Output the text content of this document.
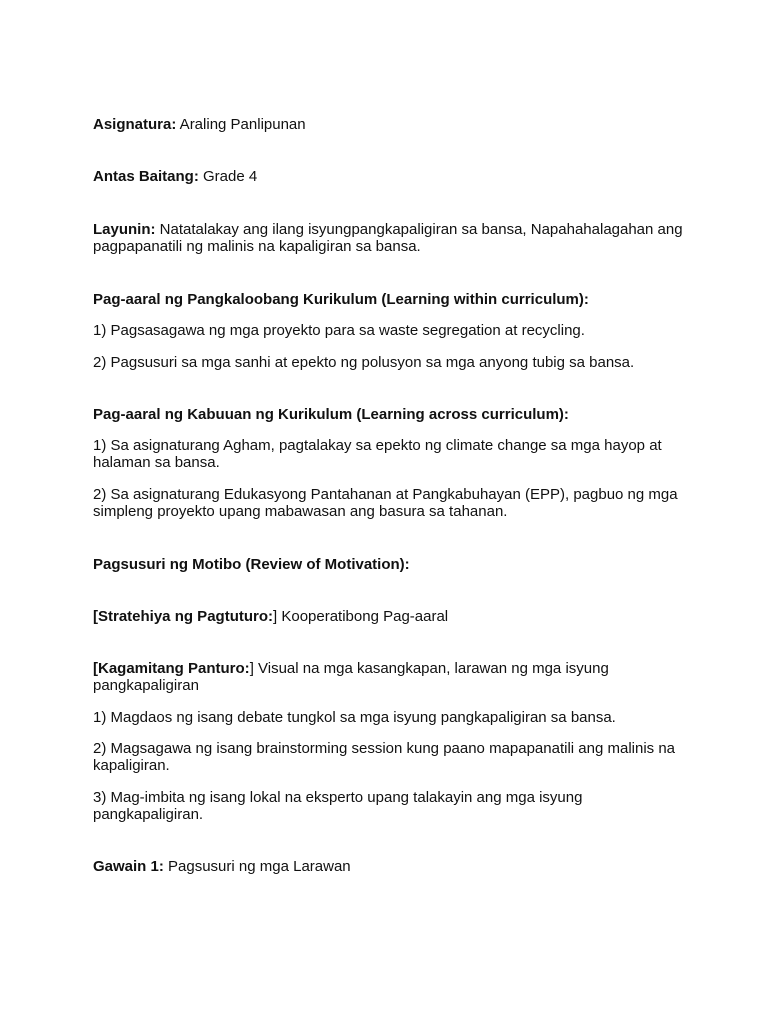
Asignatura: Araling Panlipunan

Antas Baitang: Grade 4

Layunin: Natatalakay ang ilang isyungpangkapaligiran sa bansa, Napahahalagahan ang pagpapanatili ng malinis na kapaligiran sa bansa.

Pag-aaral ng Pangkaloobang Kurikulum (Learning within curriculum):

1) Pagsasagawa ng mga proyekto para sa waste segregation at recycling.

2) Pagsusuri sa mga sanhi at epekto ng polusyon sa mga anyong tubig sa bansa.

Pag-aaral ng Kabuuan ng Kurikulum (Learning across curriculum):

1) Sa asignaturang Agham, pagtalakay sa epekto ng climate change sa mga hayop at halaman sa bansa.

2) Sa asignaturang Edukasyong Pantahanan at Pangkabuhayan (EPP), pagbuo ng mga simpleng proyekto upang mabawasan ang basura sa tahanan.

Pagsusuri ng Motibo (Review of Motivation):

[Stratehiya ng Pagtuturo:] Kooperatibong Pag-aaral

[Kagamitang Panturo:] Visual na mga kasangkapan, larawan ng mga isyung pangkapaligiran

1) Magdaos ng isang debate tungkol sa mga isyung pangkapaligiran sa bansa.

2) Magsagawa ng isang brainstorming session kung paano mapapanatili ang malinis na kapaligiran.

3) Mag-imbita ng isang lokal na eksperto upang talakayin ang mga isyung pangkapaligiran.

Gawain 1: Pagsusuri ng mga Larawan
